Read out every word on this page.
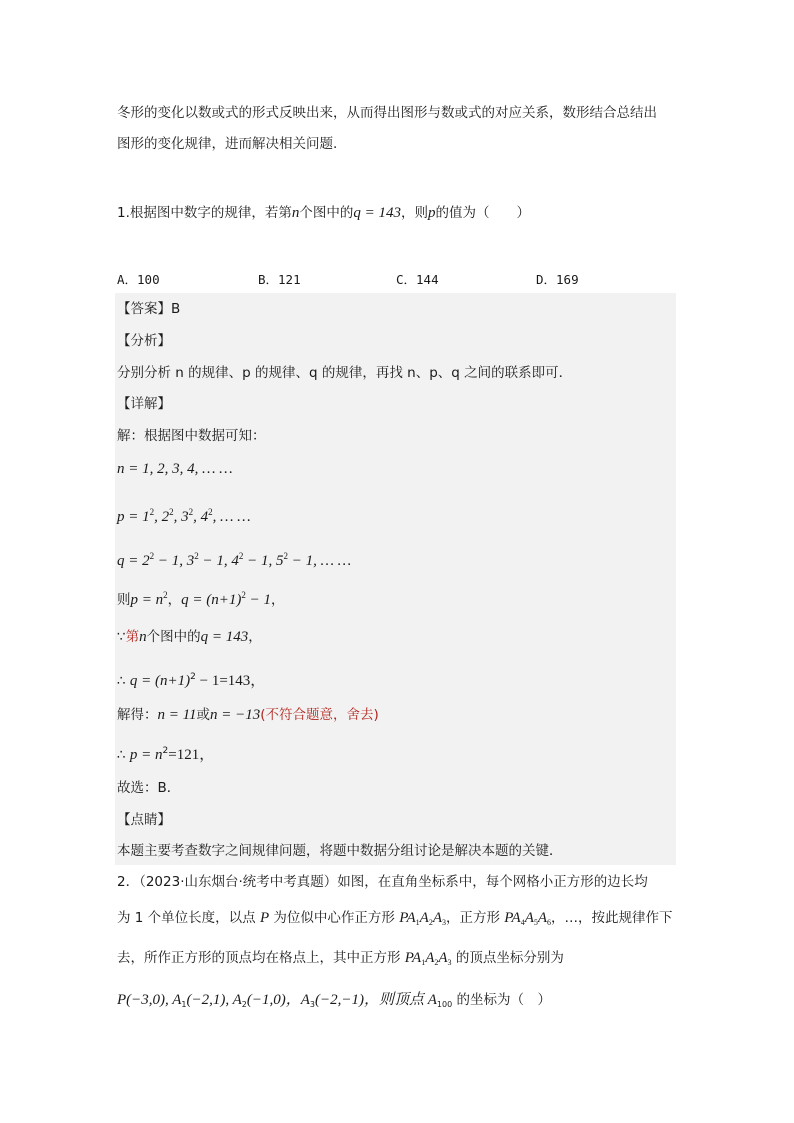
冬形的变化以数或式的形式反映出来，从而得出图形与数或式的对应关系，数形结合总结出
图形的变化规律，进而解决相关问题.
1.根据图中数字的规律，若第n个图中的q = 143，则p的值为（　　）
A．100	B．121	C．144	D．169
【答案】B
【分析】
分别分析 n 的规律、p 的规律、q 的规律，再找 n、p、q 之间的联系即可．
【详解】
解：根据图中数据可知：
n = 1, 2, 3, 4, … …
$p = 1^2$, $2^2$, $3^2$, $4^2$, … …
$q = 2^2 - 1$, $3^2 - 1$, $4^2 - 1$, $5^2 - 1$, … …
则$p = n^2$，$q = (n+1)^2 - 1$，
∵第n个图中的q = 143，
∴ $q = (n+1)^2 - 1=143$，
解得：n = 11或n = −13(不符合题意，舍去)
∴ $p = n^2=121$，
故选：B．
【点睛】
本题主要考查数字之间规律问题，将题中数据分组讨论是解决本题的关键．
2．（2023·山东烟台·统考中考真题）如图，在直角坐标系中，每个网格小正方形的边长均
为 1 个单位长度，以点 P 为位似中心作正方形 $PA_1A_2A_3$，正方形 $PA_4A_5A_6$，…，按此规律作下
去，所作正方形的顶点均在格点上，其中正方形 $PA_1A_2A_3$ 的顶点坐标分别为
P(−3,0), $A_1(-2,1)$, $A_2(-1,0)$，$A_3(-2,-1)$，则顶点 $A_{100}$ 的坐标为（　）
